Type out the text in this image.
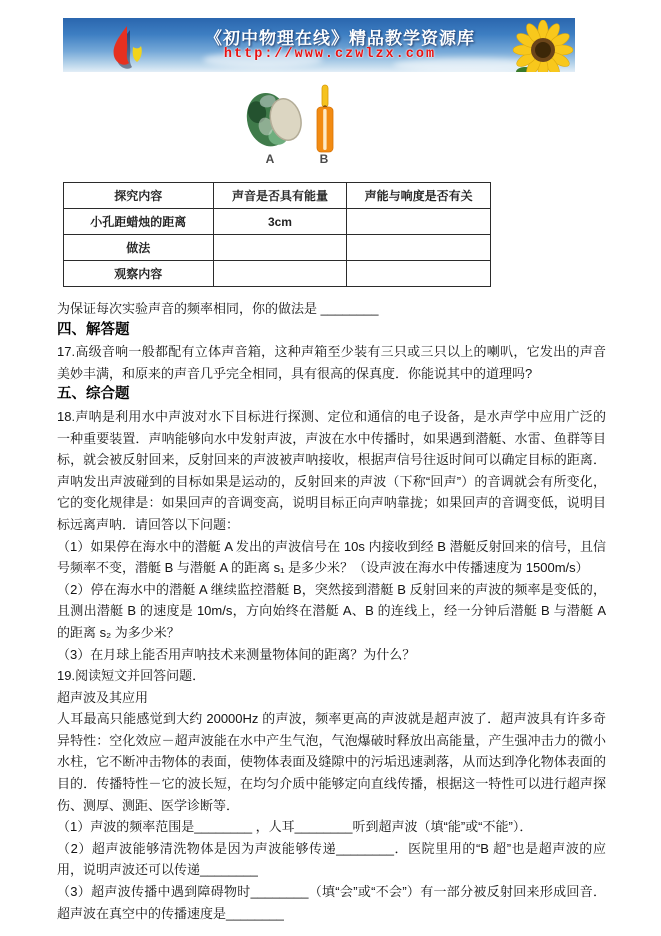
《初中物理在线》精品教学资源库
http://www.czwlzx.com
A	B
探究内容	声音是否具有能量	声能与响度是否有关
小孔距蜡烛的距离	3cm	
做法		
观察内容		

为保证每次实验声音的频率相同，你的做法是 ________

四、解答题

17.高级音响一般都配有立体声音箱，这种声箱至少装有三只或三只以上的喇叭，它发出的声音美妙丰满，和原来的声音几乎完全相同，具有很高的保真度．你能说其中的道理吗?

五、综合题

18.声呐是利用水中声波对水下目标进行探测、定位和通信的电子设备，是水声学中应用广泛的一种重要装置．声呐能够向水中发射声波，声波在水中传播时，如果遇到潜艇、水雷、鱼群等目标，就会被反射回来，反射回来的声波被声呐接收，根据声信号往返时间可以确定目标的距离．声呐发出声波碰到的目标如果是运动的，反射回来的声波（下称“回声”）的音调就会有所变化，它的变化规律是：如果回声的音调变高，说明目标正向声呐靠拢；如果回声的音调变低，说明目标远离声呐．请回答以下问题：

（1）如果停在海水中的潜艇 A 发出的声波信号在 10s 内接收到经 B 潜艇反射回来的信号，且信号频率不变，潜艇 B 与潜艇 A 的距离 s₁ 是多少米？（设声波在海水中传播速度为 1500m/s）

（2）停在海水中的潜艇 A 继续监控潜艇 B，突然接到潜艇 B 反射回来的声波的频率是变低的，且测出潜艇 B 的速度是 10m/s，方向始终在潜艇 A、B 的连线上，经一分钟后潜艇 B 与潜艇 A 的距离 s₂ 为多少米？

（3）在月球上能否用声呐技术来测量物体间的距离？为什么？

19.阅读短文并回答问题．

超声波及其应用

人耳最高只能感觉到大约 20000Hz 的声波，频率更高的声波就是超声波了．超声波具有许多奇异特性：空化效应－超声波能在水中产生气泡，气泡爆破时释放出高能量，产生强冲击力的微小水柱，它不断冲击物体的表面，使物体表面及缝隙中的污垢迅速剥落，从而达到净化物体表面的目的．传播特性－它的波长短，在均匀介质中能够定向直线传播，根据这一特性可以进行超声探伤、测厚、测距、医学诊断等．

（1）声波的频率范围是________ ，人耳________听到超声波（填“能”或“不能”）．

（2）超声波能够清洗物体是因为声波能够传递________．医院里用的“B 超”也是超声波的应用，说明声波还可以传递________

（3）超声波传播中遇到障碍物时________（填“会”或“不会”）有一部分被反射回来形成回音．超声波在真空中的传播速度是________
